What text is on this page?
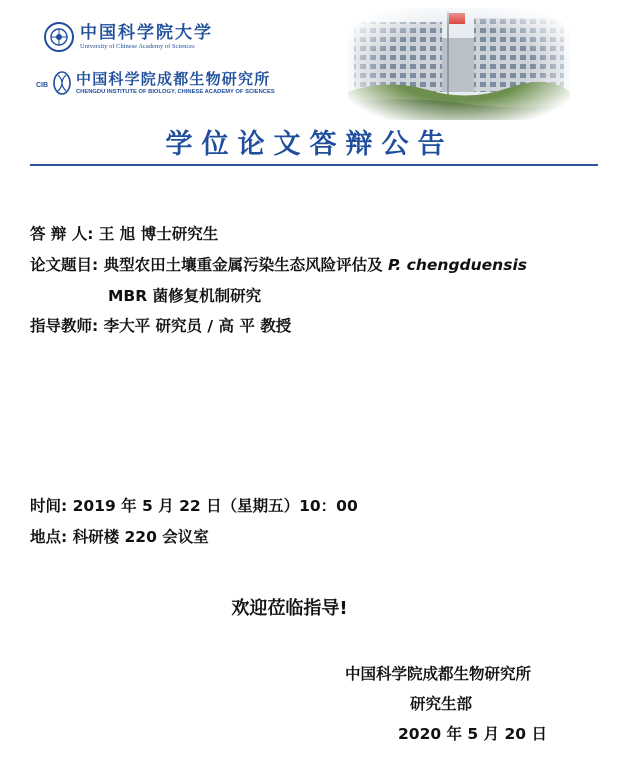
中国科学院大学
University of Chinese Academy of Sciences
CIB 中国科学院成都生物研究所
CHENGDU INSTITUTE OF BIOLOGY, CHINESE ACADEMY OF SCIENCES
学位论文答辩公告
答 辩 人: 王 旭 博士研究生
论文题目: 典型农田土壤重金属污染生态风险评估及 P. chengduensis
MBR 菌修复机制研究
指导教师: 李大平 研究员 / 高 平 教授
时间: 2019 年 5 月 22 日（星期五）10：00
地点: 科研楼 220 会议室
欢迎莅临指导!
中国科学院成都生物研究所
研究生部
2020 年 5 月 20 日
